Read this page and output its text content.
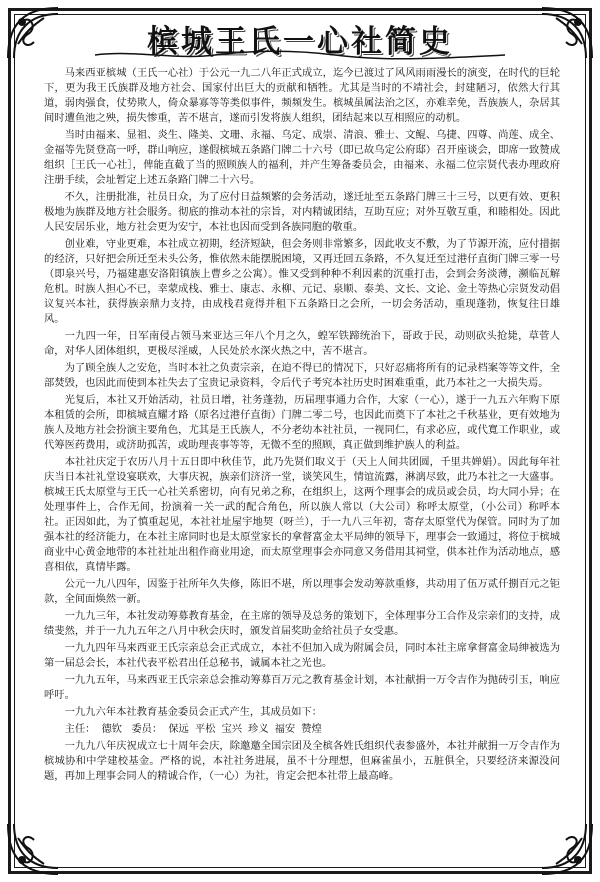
槟城王氏一心社简史

马来西亚槟城（王氏一心社）于公元一九二八年正式成立，迄今已渡过了风风雨雨漫长的演变，在时代的巨轮下，更为我王氏族群及地方社会、国家付出巨大的贡献和牺牲。尤其是当时的不靖社会，封建陋习，依然大行其道，弱肉强食，仗势欺人，倚众暴寡等等类似事件，频频发生。槟城虽属法治之区，亦难幸免，吾族族人，杂居其间时遭鱼池之殃，损失惨重，苦不堪言，遂而引发将族人组织，团结起来以互相照应的动机。

当时由福来、显祖、炎生、隆美、文珊、永福、乌定、成崇、清浪、雅士、文鲲、乌捷、四尊、尚莲、成全、金福等先贤登高一呼，群山响应，遂假槟城五条路门牌二十六号（即已故乌定公府邸）召开座谈会，即席一致赞成组织［王氏一心社］，俾能直截了当的照顾族人的福利，并产生筹备委员会，由福来、永福二位宗贤代表办理政府注册手续，会址暂定上述五条路门牌二十六号。

不久，注册批准，社员日众，为了应付日益频繁的会务活动，遂迁址至五条路门牌三十三号，以更有效、更积极地为族群及地方社会服务。彻底的推动本社的宗旨，对内精诚团结，互助互应；对外互敬互重，和睦相处。因此人民安居乐业，地方社会更为安宁，本社也因而受到各族同胞的敬重。

创业难，守业更难，本社成立初期，经济短缺，但会务则非常繁多，因此收支不敷，为了节源开流，应付措据的经济，只好把会所迁至未头公务，惟依然未能摆脱困境，又再迁回五条路，不久复迁至过港仔直街门牌三零一号（即泉兴号，乃福建惠安洛阳镇族上曹乡之公寓）。惟又受到种种不利因素的沉重打击，会到会务淡薄，濒临瓦解危机。时族人担心不已，幸蒙成栈、雅士、康志、永柳、元记、泉顺、泰美、文长、文论、金土等热心宗贤发动倡议复兴本社，获得族亲鼎力支持，由成栈君竟得并租下五条路日之会所，一切会务活动，重现蓬勃，恢复往日雄风。

一九四一年，日军南侵占领马来亚达三年八个月之久，蝗军铁蹄统治下，哥政于民，动则砍头抢毙，草菅人命，对华人团体组织，更极尽淫威，人民处於水深火热之中，苦不堪言。

为了顾全族人之安危，当时本社之负责宗亲，在迫不得已的情况下，只好忍痛将所有的记录档案等等文件，全部焚毁，也因此而使到本社失去了宝贵记录资料，令后代子考究本社历史时困难重重，此乃本社之一大损失焉。

光复后，本社又开始活动，社员日增，社务蓬勃，历届理事通力合作，大家（一心），遂于一九五六年购下原本租赁的会所，即槟城直耀才路（原名过港仔直街）门牌二零二号，也因此而奠下了本社之千秋基业，更有效地为族人及地方社会扮演主要角色，尤其是王氏族人，不分老幼本社社员，一视同仁，有求必应，或代寬工作职业，或代筹医药费用，或济助孤苦，或助理丧事等等，无微不至的照顾，真正做到维护族人的利益。

本社社庆定于农历八月十五日即中秋佳节，此乃先贤们取义于（天上人间共团圆，千里共婵娟）。因此每年社庆当日本社礼堂设宴联欢，大事庆祝，族亲们济济一堂，谈笑风生，情谊流露，淋漓尽致，此乃本社之一大盛事。槟城王氏太原堂与王氏一心社关系密切，向有兄弟之称，在组织上，这两个理事会的成员或会员，均大同小异；在处理事件上，合作无间，扮演着一关一武的配合角色，所以族人常以（大公司）称呼太原堂，（小公司）称呼本社。正因如此，为了慎重起见，本社社址屋宇地契（呀兰），于一九八三年初，寄存太原堂代为保管。同时为了加强本社的经济能力，在本社主席同时也是太原堂家长的拿督富金太平局绅的领导下，理事会一致通过，将位于槟城商业中心黄金地带的本社社址出租作商业用途，而太原堂理事会亦同意又务借用其祠堂，供本社作为活动地点，感喜相依，真情毕露。

公元一九八四年，因鉴于社所年久失修，陈旧不堪，所以理事会发动筹款重修，共动用了伍万贰仟捌百元之钜款，全间面焕然一新。

一九九三年，本社发动筹募教育基金，在主席的领导及总务的策划下，全体理事分工合作及宗亲们的支持，成绩斐然，并于一九九五年之八月中秋会庆时，颁发首届奖助金给社员子女受惠。

一九九四年马来西亚王氏宗亲总会正式成立，本社不但加入成为附属会员，同时本社主席拿督富金局绅被选为第一届总会长，本社代表平松君出任总秘书，诚属本社之光也。

一九九五年，马来西亚王氏宗亲总会推动筹募百万元之教育基金计划，本社献捐一万令吉作为抛砖引玉，响应呼吁。

一九九六年本社教育基金委员会正式产生，其成员如下：

主任： 德钦 委员： 保远 平松 宝兴 珍义 福安 赞煌

一九九八年庆祝成立七十周年会庆，除邀邀全国宗团及全槟各姓氏组织代表参盛外，本社并献捐一万令吉作为槟城协和中学建校基金。严格的说，本社社务进展，虽不十分理想，但麻雀虽小，五脏俱全，只要经济来源没问题，再加上理事会同人的精诚合作，（一心）为社，肯定会把本社带上最高峰。
